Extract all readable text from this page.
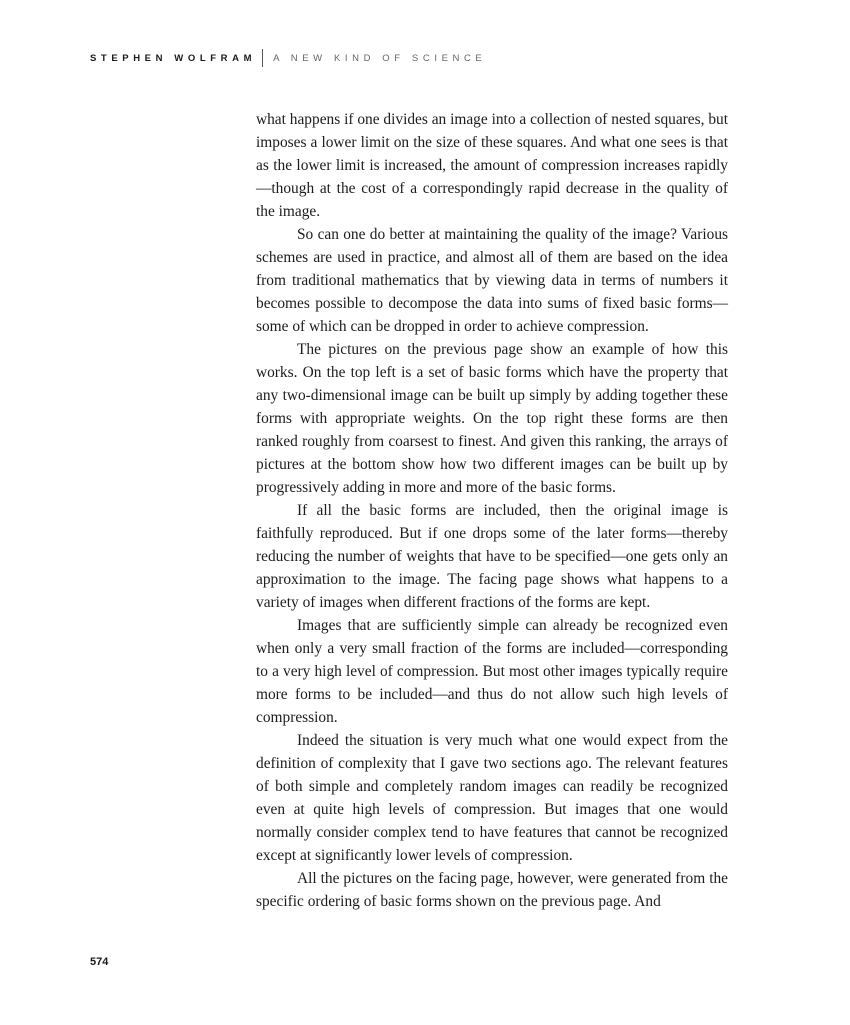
STEPHEN WOLFRAM A NEW KIND OF SCIENCE

what happens if one divides an image into a collection of nested squares, but imposes a lower limit on the size of these squares. And what one sees is that as the lower limit is increased, the amount of compression increases rapidly—though at the cost of a correspondingly rapid decrease in the quality of the image.

So can one do better at maintaining the quality of the image? Various schemes are used in practice, and almost all of them are based on the idea from traditional mathematics that by viewing data in terms of numbers it becomes possible to decompose the data into sums of fixed basic forms—some of which can be dropped in order to achieve compression.

The pictures on the previous page show an example of how this works. On the top left is a set of basic forms which have the property that any two-dimensional image can be built up simply by adding together these forms with appropriate weights. On the top right these forms are then ranked roughly from coarsest to finest. And given this ranking, the arrays of pictures at the bottom show how two different images can be built up by progressively adding in more and more of the basic forms.

If all the basic forms are included, then the original image is faithfully reproduced. But if one drops some of the later forms—thereby reducing the number of weights that have to be specified—one gets only an approximation to the image. The facing page shows what happens to a variety of images when different fractions of the forms are kept.

Images that are sufficiently simple can already be recognized even when only a very small fraction of the forms are included—corresponding to a very high level of compression. But most other images typically require more forms to be included—and thus do not allow such high levels of compression.

Indeed the situation is very much what one would expect from the definition of complexity that I gave two sections ago. The relevant features of both simple and completely random images can readily be recognized even at quite high levels of compression. But images that one would normally consider complex tend to have features that cannot be recognized except at significantly lower levels of compression.

All the pictures on the facing page, however, were generated from the specific ordering of basic forms shown on the previous page. And

574
